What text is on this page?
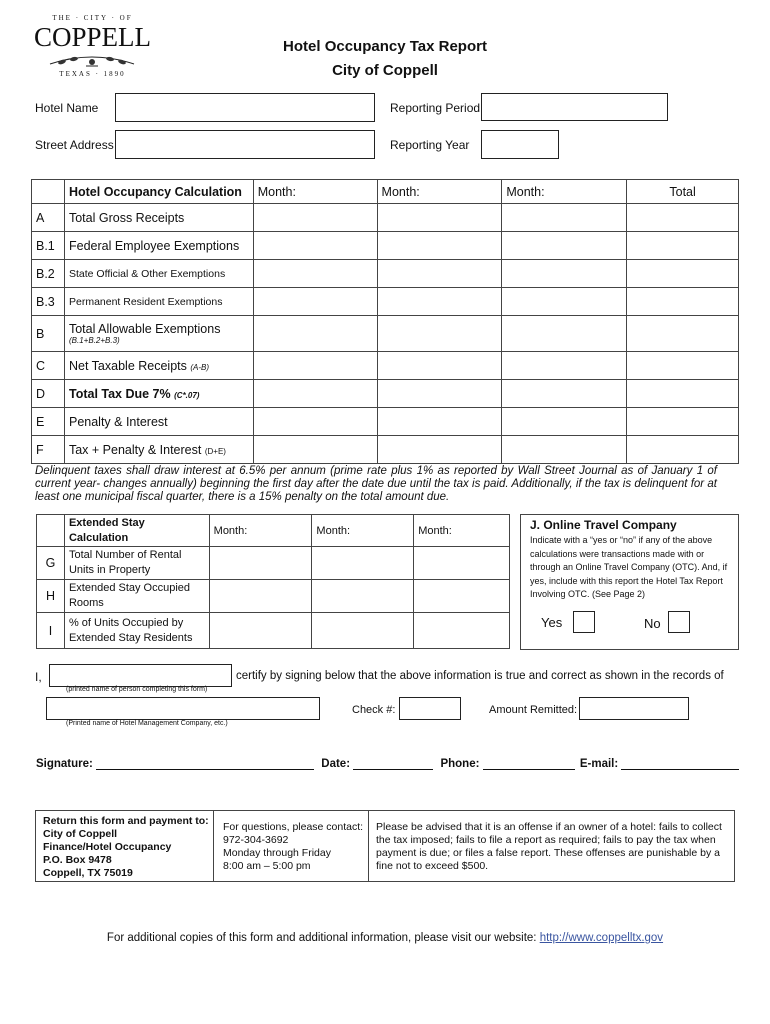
THE · CITY · OF
COPPELL
TEXAS · 1890
Hotel Occupancy Tax Report
City of Coppell
Hotel Name	Reporting Period
Street Address	Reporting Year
	Hotel Occupancy Calculation	Month:	Month:	Month:	Total
A	Total Gross Receipts				
B.1	Federal Employee Exemptions				
B.2	State Official & Other Exemptions				
B.3	Permanent Resident Exemptions				
B	Total Allowable Exemptions
(B.1+B.2+B.3)				

C	Net Taxable Receipts (A-B)				
D	Total Tax Due 7% (C*.07)				
E	Penalty & Interest				
F	Tax + Penalty & Interest (D+E)				
Delinquent taxes shall draw interest at 6.5% per annum (prime rate plus 1% as reported by Wall Street Journal as of January 1 of current year- changes annually) beginning the first day after the date due until the tax is paid. Additionally, if the tax is delinquent for at least one municipal fiscal quarter, there is a 15% penalty on the total amount due.
	Extended Stay Calculation	Month:	Month:	Month:
G	Total Number of Rental Units in Property			
H	Extended Stay Occupied Rooms			
I	% of Units Occupied by Extended Stay Residents			
J. Online Travel Company
Indicate with a “yes or “no” if any of the above calculations were transactions made with or through an Online Travel Company (OTC). And, if yes, include with this report the Hotel Tax Report Involving OTC. (See Page 2)
Yes	No
I,	certify by signing below that the above information is true and correct as shown in the records of
(printed name of person completing this form)
(Printed name of Hotel Management Company, etc.)
Check #:	Amount Remitted:
Signature:	Date:	Phone:	E-mail:
Return this form and payment to:
City of Coppell
Finance/Hotel Occupancy
P.O. Box 9478
Coppell, TX 75019
For questions, please contact:
972-304-3692
Monday through Friday
8:00 am – 5:00 pm
Please be advised that it is an offense if an owner of a hotel: fails to collect the tax imposed; fails to file a report as required; fails to pay the tax when payment is due; or files a false report. These offenses are punishable by a fine not to exceed $500.
For additional copies of this form and additional information, please visit our website: http://www.coppelltx.gov
